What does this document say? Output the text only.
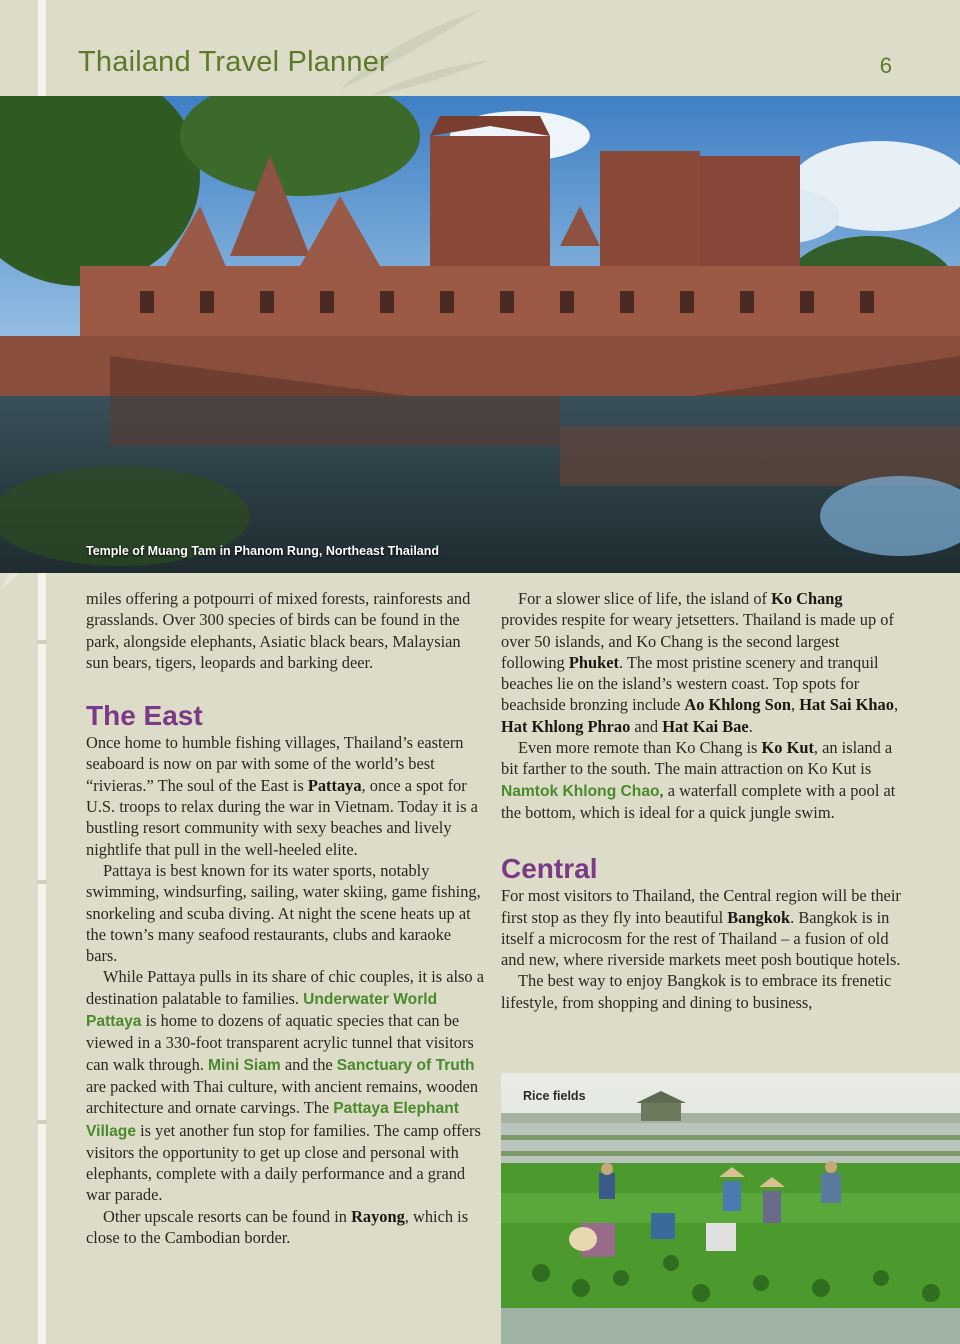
Thailand Travel Planner	6
Temple of Muang Tam in Phanom Rung, Northeast Thailand

miles offering a potpourri of mixed forests, rainforests and grasslands. Over 300 species of birds can be found in the park, alongside elephants, Asiatic black bears, Malaysian sun bears, tigers, leopards and barking deer.

The East

Once home to humble fishing villages, Thailand’s eastern seaboard is now on par with some of the world’s best “rivieras.” The soul of the East is Pattaya, once a spot for U.S. troops to relax during the war in Vietnam. Today it is a bustling resort community with sexy beaches and lively nightlife that pull in the well-heeled elite.

Pattaya is best known for its water sports, notably swimming, windsurfing, sailing, water skiing, game fishing, snorkeling and scuba diving. At night the scene heats up at the town’s many seafood restaurants, clubs and karaoke bars.

While Pattaya pulls in its share of chic couples, it is also a destination palatable to families. Underwater World Pattaya is home to dozens of aquatic species that can be viewed in a 330-foot transparent acrylic tunnel that visitors can walk through. Mini Siam and the Sanctuary of Truth are packed with Thai culture, with ancient remains, wooden architecture and ornate carvings. The Pattaya Elephant Village is yet another fun stop for families. The camp offers visitors the opportunity to get up close and personal with elephants, complete with a daily performance and a grand war parade.

Other upscale resorts can be found in Rayong, which is close to the Cambodian border.

For a slower slice of life, the island of Ko Chang provides respite for weary jetsetters. Thailand is made up of over 50 islands, and Ko Chang is the second largest following Phuket. The most pristine scenery and tranquil beaches lie on the island’s western coast. Top spots for beachside bronzing include Ao Khlong Son, Hat Sai Khao, Hat Khlong Phrao and Hat Kai Bae.

Even more remote than Ko Chang is Ko Kut, an island a bit farther to the south. The main attraction on Ko Kut is Namtok Khlong Chao, a waterfall complete with a pool at the bottom, which is ideal for a quick jungle swim.

Central

For most visitors to Thailand, the Central region will be their first stop as they fly into beautiful Bangkok. Bangkok is in itself a microcosm for the rest of Thailand – a fusion of old and new, where riverside markets meet posh boutique hotels.

The best way to enjoy Bangkok is to embrace its frenetic lifestyle, from shopping and dining to business,

Rice fields
